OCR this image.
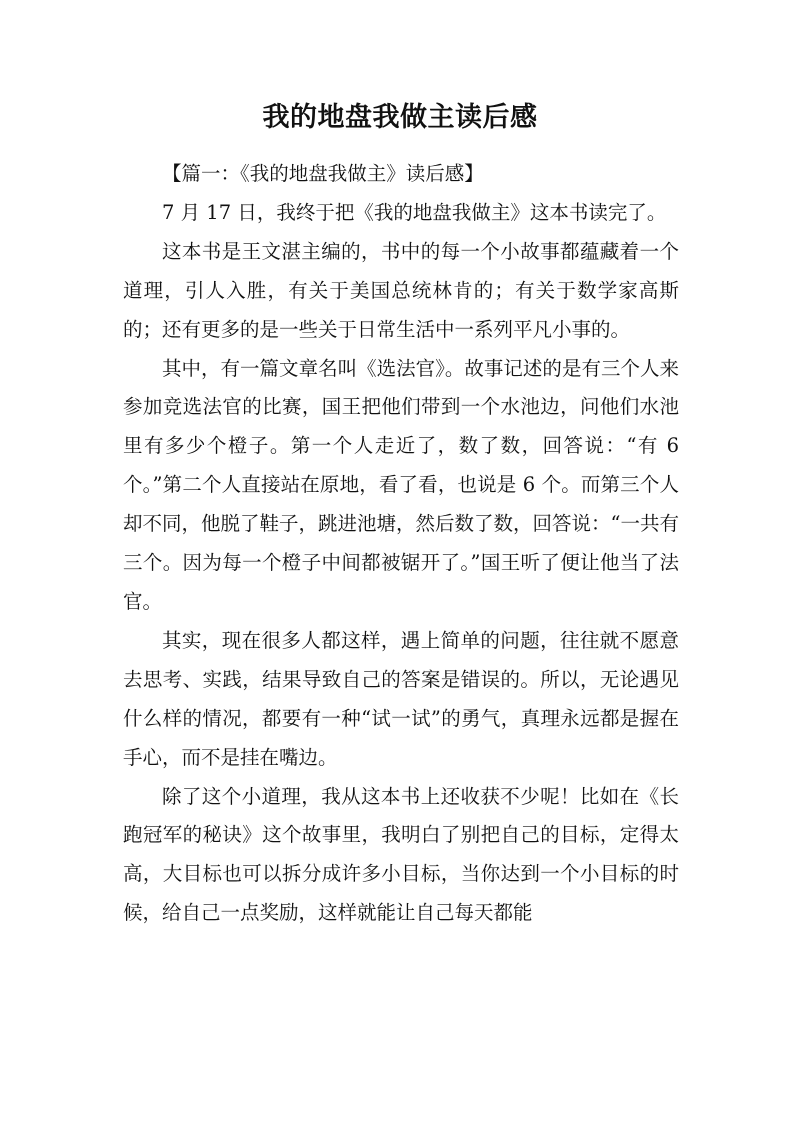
我的地盘我做主读后感

【篇一：《我的地盘我做主》读后感】

7 月 17 日，我终于把《我的地盘我做主》这本书读完了。

这本书是王文湛主编的，书中的每一个小故事都蕴藏着一个道理，引人入胜，有关于美国总统林肯的；有关于数学家高斯的；还有更多的是一些关于日常生活中一系列平凡小事的。

其中，有一篇文章名叫《选法官》。故事记述的是有三个人来参加竞选法官的比赛，国王把他们带到一个水池边，问他们水池里有多少个橙子。第一个人走近了，数了数，回答说：“有 6 个。”第二个人直接站在原地，看了看，也说是 6 个。而第三个人却不同，他脱了鞋子，跳进池塘，然后数了数，回答说：“一共有三个。因为每一个橙子中间都被锯开了。”国王听了便让他当了法官。

其实，现在很多人都这样，遇上简单的问题，往往就不愿意去思考、实践，结果导致自己的答案是错误的。所以，无论遇见什么样的情况，都要有一种“试一试”的勇气，真理永远都是握在手心，而不是挂在嘴边。

除了这个小道理，我从这本书上还收获不少呢！比如在《长跑冠军的秘诀》这个故事里，我明白了别把自己的目标，定得太高，大目标也可以拆分成许多小目标，当你达到一个小目标的时候，给自己一点奖励，这样就能让自己每天都能
